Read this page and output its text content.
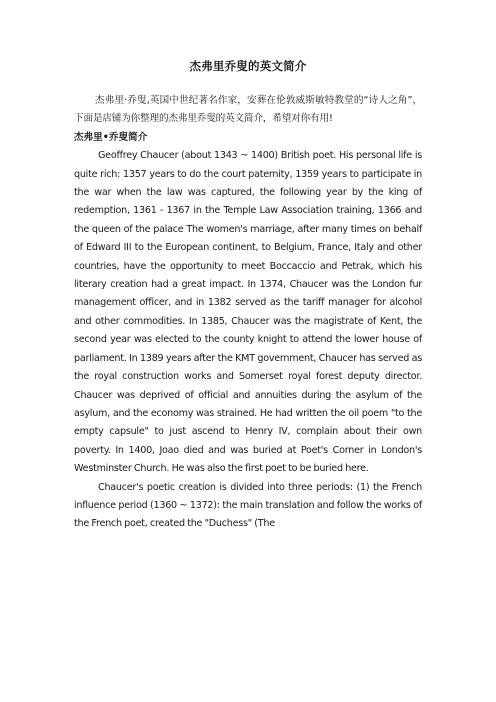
杰弗里乔叟的英文简介

杰弗里·乔叟,英国中世纪著名作家，安葬在伦敦威斯敏特教堂的“诗人之角”，下面是店铺为你整理的杰弗里乔叟的英文简介，希望对你有用!

杰弗里•乔叟简介

Geoffrey Chaucer (about 1343 ~ 1400) British poet. His personal life is quite rich: 1357 years to do the court paternity, 1359 years to participate in the war when the law was captured, the following year by the king of redemption, 1361 - 1367 in the Temple Law Association training, 1366 and the queen of the palace The women's marriage, after many times on behalf of Edward III to the European continent, to Belgium, France, Italy and other countries, have the opportunity to meet Boccaccio and Petrak, which his literary creation had a great impact. In 1374, Chaucer was the London fur management officer, and in 1382 served as the tariff manager for alcohol and other commodities. In 1385, Chaucer was the magistrate of Kent, the second year was elected to the county knight to attend the lower house of parliament. In 1389 years after the KMT government, Chaucer has served as the royal construction works and Somerset royal forest deputy director. Chaucer was deprived of official and annuities during the asylum of the asylum, and the economy was strained. He had written the oil poem "to the empty capsule" to just ascend to Henry IV, complain about their own poverty. In 1400, Joao died and was buried at Poet's Corner in London's Westminster Church. He was also the first poet to be buried here.

Chaucer's poetic creation is divided into three periods: (1) the French influence period (1360 ~ 1372): the main translation and follow the works of the French poet, created the "Duchess" (The
